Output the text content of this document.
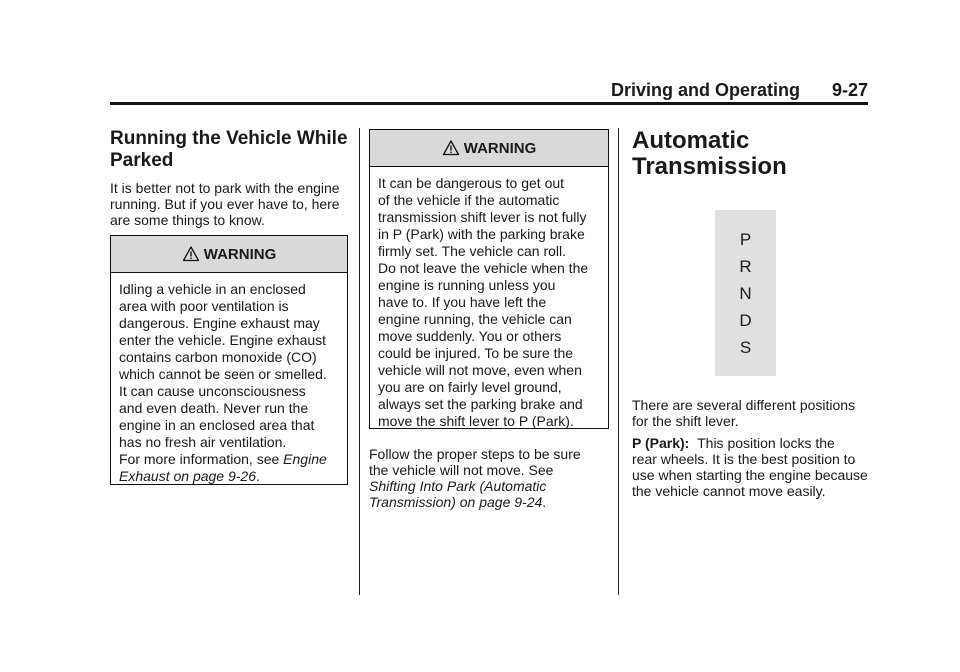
Driving and Operating 9-27
Running the Vehicle While Parked

It is better not to park with the engine running. But if you ever have to, here are some things to know.

WARNING

Idling a vehicle in an enclosed

area with poor ventilation is

dangerous. Engine exhaust may

enter the vehicle. Engine exhaust

contains carbon monoxide (CO)

which cannot be seen or smelled.

It can cause unconsciousness

and even death. Never run the

engine in an enclosed area that

has no fresh air ventilation.

For more information, see Engine

Exhaust on page 9-26.

WARNING

It can be dangerous to get out

of the vehicle if the automatic

transmission shift lever is not fully

in P (Park) with the parking brake

firmly set. The vehicle can roll.

Do not leave the vehicle when the

engine is running unless you

have to. If you have left the

engine running, the vehicle can

move suddenly. You or others

could be injured. To be sure the

vehicle will not move, even when

you are on fairly level ground,

always set the parking brake and

move the shift lever to P (Park).

Follow the proper steps to be sure

the vehicle will not move. See

Shifting Into Park (Automatic

Transmission) on page 9-24.

Automatic
Transmission
P
R
N
D
S

There are several different positions for the shift lever.

P (Park): This position locks the

rear wheels. It is the best position to use when starting the engine because the vehicle cannot move easily.
